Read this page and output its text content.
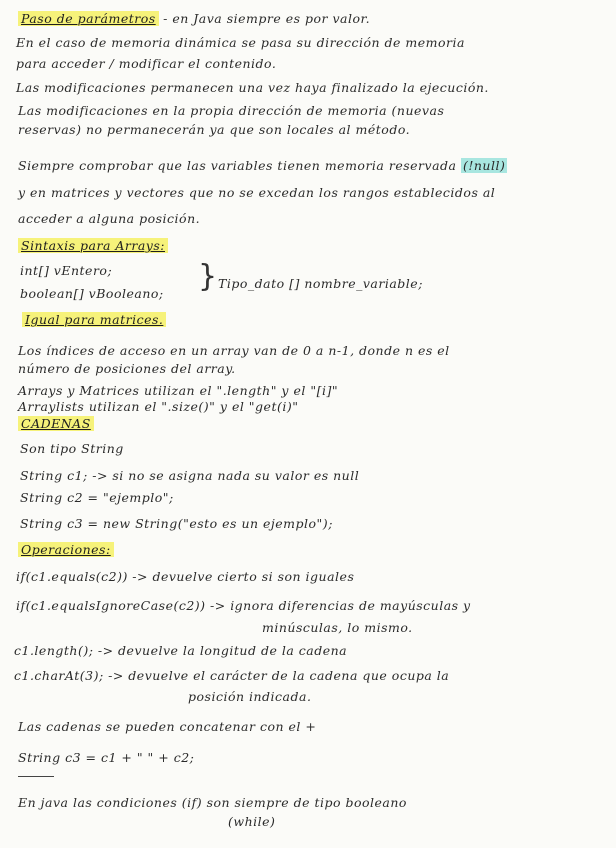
Paso de parámetros - en Java siempre es por valor.
En el caso de memoria dinámica se pasa su dirección de memoria
para acceder / modificar el contenido.
Las modificaciones permanecen una vez haya finalizado la ejecución.
Las modificaciones en la propia dirección de memoria (nuevas
reservas) no permanecerán ya que son locales al método.
Siempre comprobar que las variables tienen memoria reservada (!null)
y en matrices y vectores que no se excedan los rangos establecidos al
acceder a alguna posición.
Sintaxis para Arrays:
int[] vEntero;
boolean[] vBooleano; } Tipo_dato [] nombre_variable;
Igual para matrices.
Los índices de acceso en un array van de 0 a n-1, donde n es el
número de posiciones del array.
Arrays y Matrices utilizan el ".length" y el "[i]"
Arraylists utilizan el ".size()" y el "get(i)"
CADENAS
Son tipo String
String c1; -> si no se asigna nada su valor es null
String c2 = "ejemplo";
String c3 = new String("esto es un ejemplo");
Operaciones:
if(c1.equals(c2)) -> devuelve cierto si son iguales
if(c1.equalsIgnoreCase(c2)) -> ignora diferencias de mayúsculas y
minúsculas, lo mismo.
c1.length(); -> devuelve la longitud de la cadena
c1.charAt(3); -> devuelve el carácter de la cadena que ocupa la
posición indicada.
Las cadenas se pueden concatenar con el +
String c3 = c1 + " " + c2;
En java las condiciones (if) son siempre de tipo booleano
(while)
